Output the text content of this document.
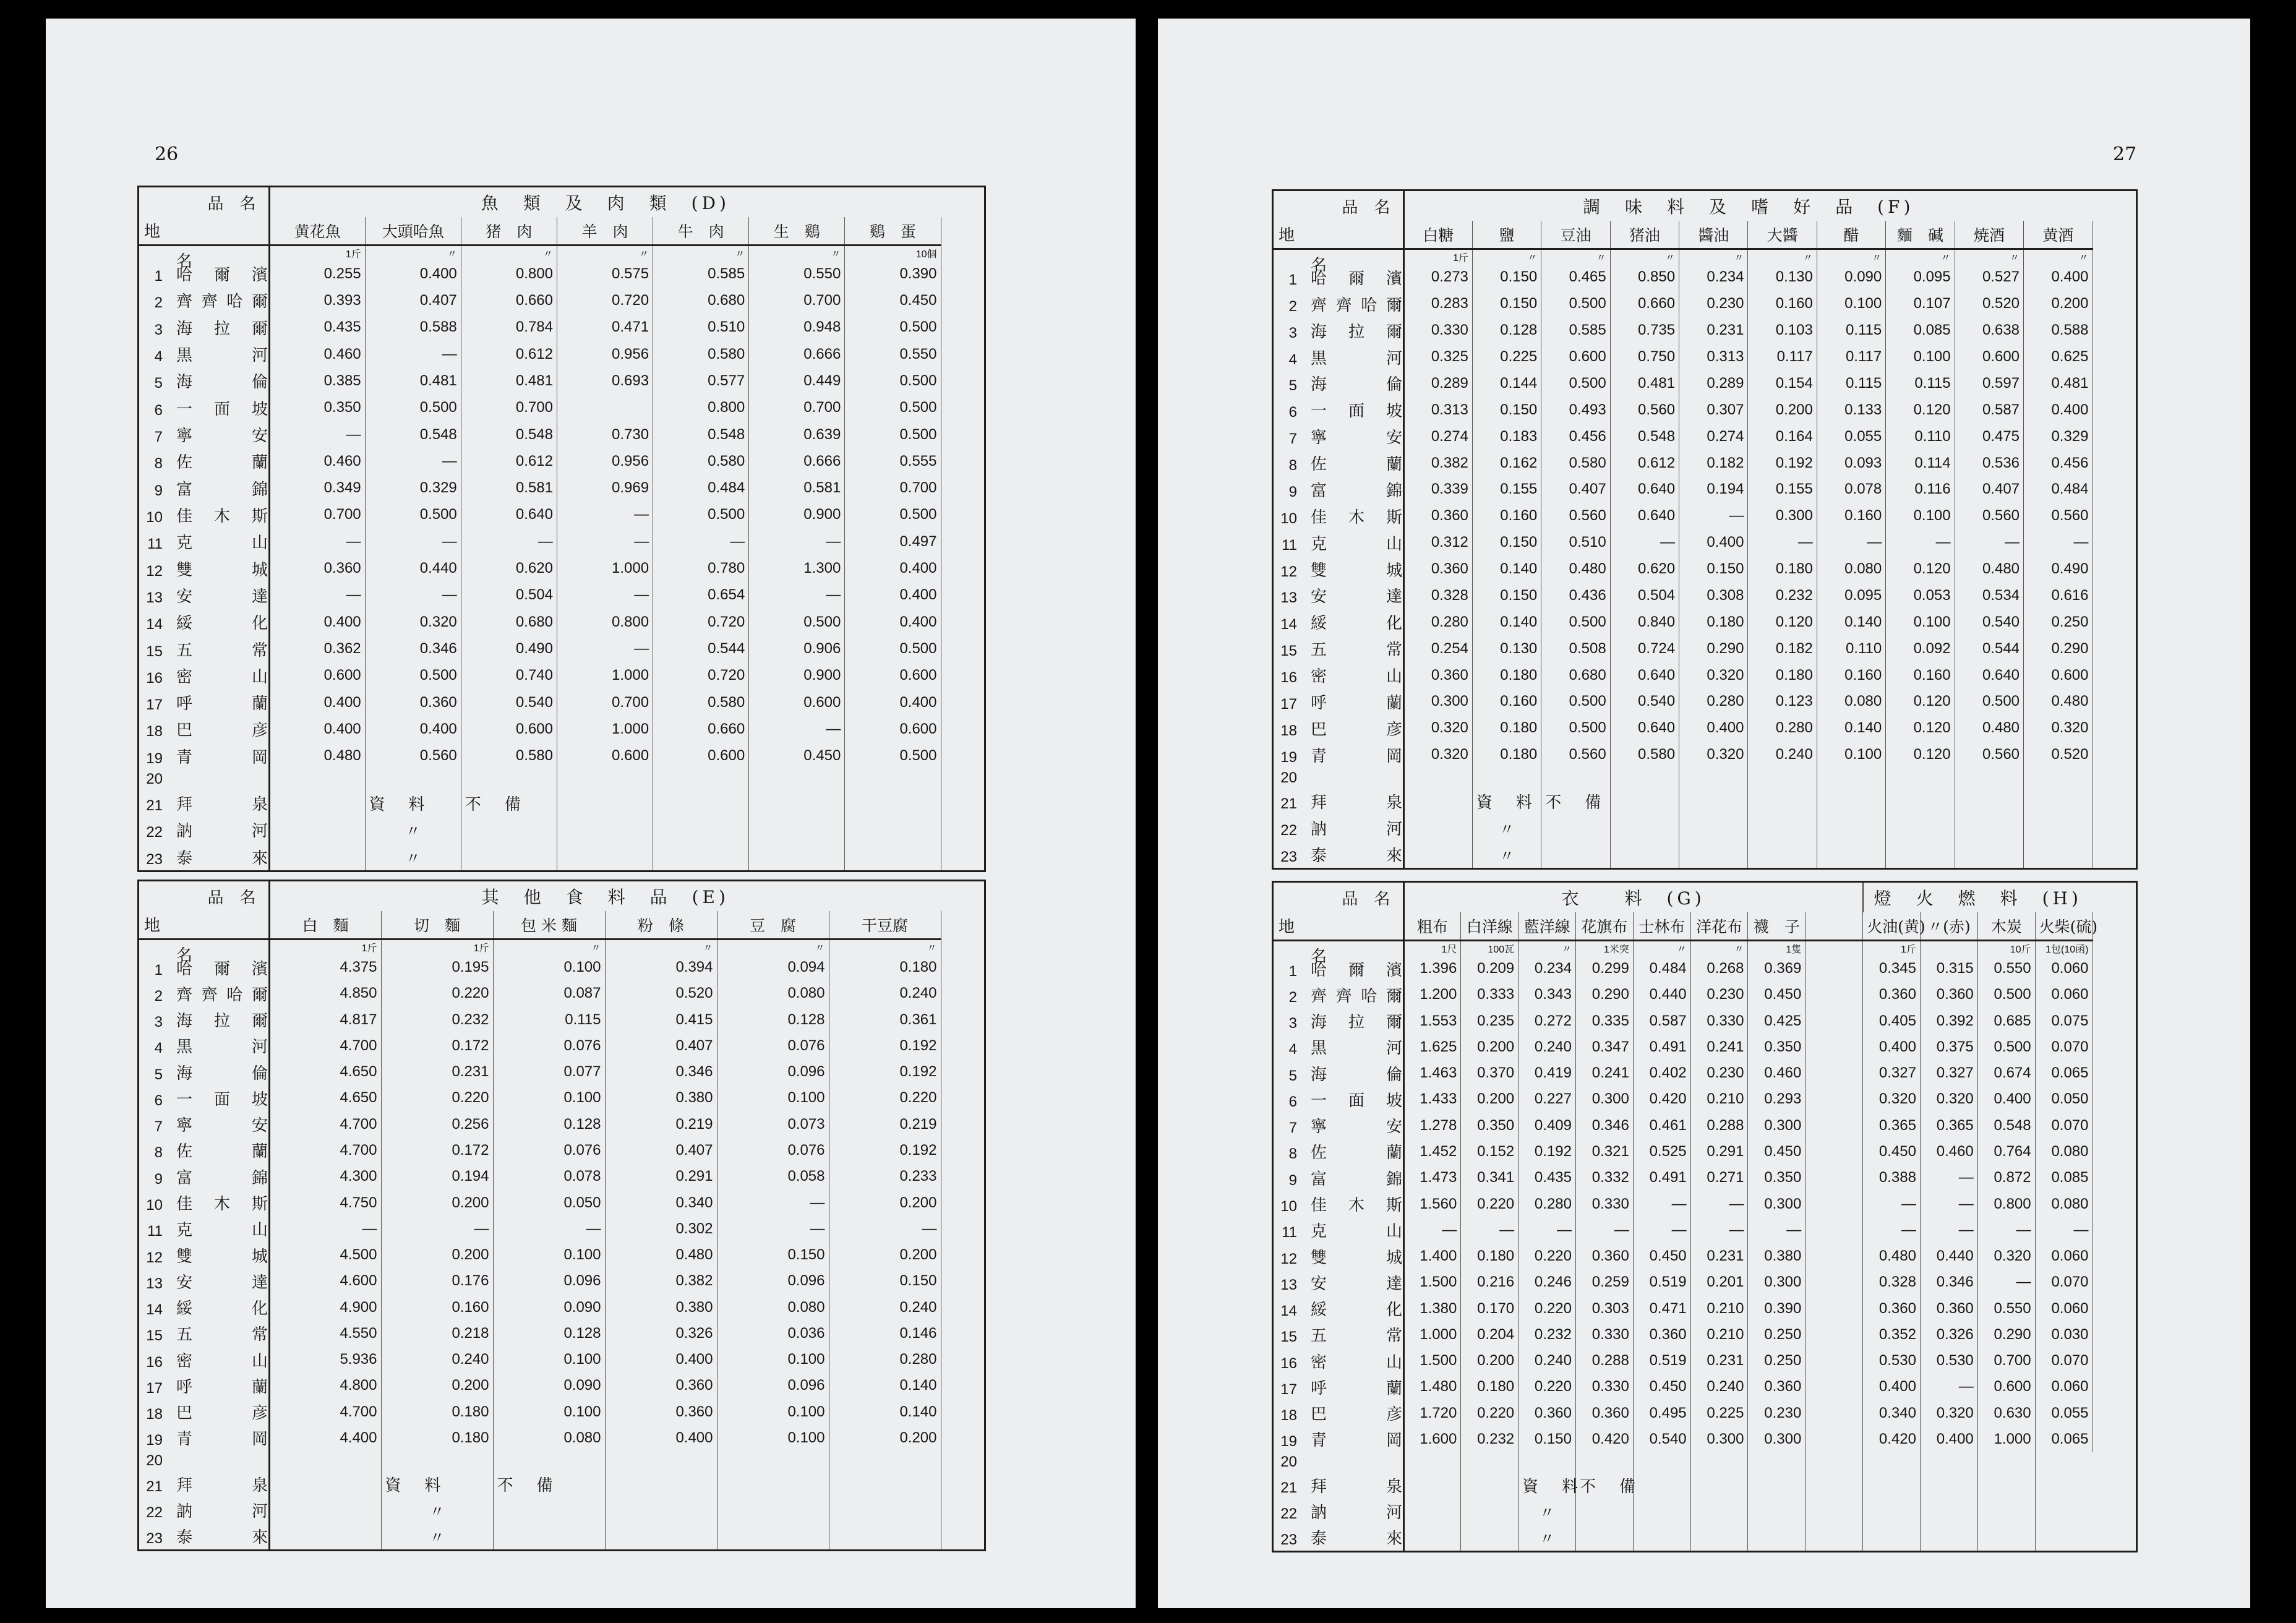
26
品　名
地
名	魚　類　及　肉　類　(D)							
	黄花魚	大頭哈魚	猪　肉	羊　肉	牛　肉	生　鷄	鷄　蛋	
	1斤	〃	〃	〃	〃	〃	10個	
1 哈爾濱	0.255	0.400	0.800	0.575	0.585	0.550	0.390	
2 齊齊哈爾	0.393	0.407	0.660	0.720	0.680	0.700	0.450	
3 海拉爾	0.435	0.588	0.784	0.471	0.510	0.948	0.500	
4 黒　河	0.460	—	0.612	0.956	0.580	0.666	0.550	
5 海　倫	0.385	0.481	0.481	0.693	0.577	0.449	0.500	
6 一面坡	0.350	0.500	0.700		0.800	0.700	0.500	
7 寧　安	—	0.548	0.548	0.730	0.548	0.639	0.500	
8 佐　蘭	0.460	—	0.612	0.956	0.580	0.666	0.555	
9 富　錦	0.349	0.329	0.581	0.969	0.484	0.581	0.700	
10 佳木斯	0.700	0.500	0.640	—	0.500	0.900	0.500	
11 克　山	—	—	—	—	—	—	0.497	
12 雙　城	0.360	0.440	0.620	1.000	0.780	1.300	0.400	
13 安　達	—	—	0.504	—	0.654	—	0.400	
14 綏　化	0.400	0.320	0.680	0.800	0.720	0.500	0.400	
15 五　常	0.362	0.346	0.490	—	0.544	0.906	0.500	
16 密　山	0.600	0.500	0.740	1.000	0.720	0.900	0.600	
17 呼　蘭	0.400	0.360	0.540	0.700	0.580	0.600	0.400	
18 巴　彦	0.400	0.400	0.600	1.000	0.660	—	0.600	
19 青　岡	0.480	0.560	0.580	0.600	0.600	0.450	0.500	
20								
21 拜　泉		資　料	不　備					
22 訥　河		〃						
23 泰　來		〃						
品　名
地
名	其　他　食　料　品　(E)						
	白　麵	切　麵	包 米 麵	粉　條	豆　腐	干豆腐	
	1斤	1斤	〃	〃	〃	〃	
1 哈爾濱	4.375	0.195	0.100	0.394	0.094	0.180	
2 齊齊哈爾	4.850	0.220	0.087	0.520	0.080	0.240	
3 海拉爾	4.817	0.232	0.115	0.415	0.128	0.361	
4 黒　河	4.700	0.172	0.076	0.407	0.076	0.192	
5 海　倫	4.650	0.231	0.077	0.346	0.096	0.192	
6 一面坡	4.650	0.220	0.100	0.380	0.100	0.220	
7 寧　安	4.700	0.256	0.128	0.219	0.073	0.219	
8 佐　蘭	4.700	0.172	0.076	0.407	0.076	0.192	
9 富　錦	4.300	0.194	0.078	0.291	0.058	0.233	
10 佳木斯	4.750	0.200	0.050	0.340	—	0.200	
11 克　山	—	—	—	0.302	—	—	
12 雙　城	4.500	0.200	0.100	0.480	0.150	0.200	
13 安　達	4.600	0.176	0.096	0.382	0.096	0.150	
14 綏　化	4.900	0.160	0.090	0.380	0.080	0.240	
15 五　常	4.550	0.218	0.128	0.326	0.036	0.146	
16 密　山	5.936	0.240	0.100	0.400	0.100	0.280	
17 呼　蘭	4.800	0.200	0.090	0.360	0.096	0.140	
18 巴　彦	4.700	0.180	0.100	0.360	0.100	0.140	
19 青　岡	4.400	0.180	0.080	0.400	0.100	0.200	
20							
21 拜　泉		資　料	不　備				
22 訥　河		〃					
23 泰　來		〃					
27
品　名
地
名	調　味　料　及　嗜　好　品　(F)										
	白糖	鹽	豆油	猪油	醬油	大醬	醋	麵　碱	焼酒	黄酒	
	1斤	〃	〃	〃	〃	〃	〃	〃	〃	〃	
1 哈爾濱	0.273	0.150	0.465	0.850	0.234	0.130	0.090	0.095	0.527	0.400	
2 齊齊哈爾	0.283	0.150	0.500	0.660	0.230	0.160	0.100	0.107	0.520	0.200	
3 海拉爾	0.330	0.128	0.585	0.735	0.231	0.103	0.115	0.085	0.638	0.588	
4 黒　河	0.325	0.225	0.600	0.750	0.313	0.117	0.117	0.100	0.600	0.625	
5 海　倫	0.289	0.144	0.500	0.481	0.289	0.154	0.115	0.115	0.597	0.481	
6 一面坡	0.313	0.150	0.493	0.560	0.307	0.200	0.133	0.120	0.587	0.400	
7 寧　安	0.274	0.183	0.456	0.548	0.274	0.164	0.055	0.110	0.475	0.329	
8 佐　蘭	0.382	0.162	0.580	0.612	0.182	0.192	0.093	0.114	0.536	0.456	
9 富　錦	0.339	0.155	0.407	0.640	0.194	0.155	0.078	0.116	0.407	0.484	
10 佳木斯	0.360	0.160	0.560	0.640	—	0.300	0.160	0.100	0.560	0.560	
11 克　山	0.312	0.150	0.510	—	0.400	—	—	—	—	—	
12 雙　城	0.360	0.140	0.480	0.620	0.150	0.180	0.080	0.120	0.480	0.490	
13 安　達	0.328	0.150	0.436	0.504	0.308	0.232	0.095	0.053	0.534	0.616	
14 綏　化	0.280	0.140	0.500	0.840	0.180	0.120	0.140	0.100	0.540	0.250	
15 五　常	0.254	0.130	0.508	0.724	0.290	0.182	0.110	0.092	0.544	0.290	
16 密　山	0.360	0.180	0.680	0.640	0.320	0.180	0.160	0.160	0.640	0.600	
17 呼　蘭	0.300	0.160	0.500	0.540	0.280	0.123	0.080	0.120	0.500	0.480	
18 巴　彦	0.320	0.180	0.500	0.640	0.400	0.280	0.140	0.120	0.480	0.320	
19 青　岡	0.320	0.180	0.560	0.580	0.320	0.240	0.100	0.120	0.560	0.520	
20											
21 拜　泉		資　料	不　備								
22 訥　河		〃									
23 泰　來		〃									
品　名
地
名	衣　　料　(G)								燈　火　燃　料　(H)				
	粗布	白洋線	藍洋線	花旗布	士林布	洋花布	襪　子		火油(黄)	〃(赤)	木炭	火柴(硫)	
	1尺	100瓦	〃	1米突	〃	〃	1隻		1斤		10斤	1包(10函)	
1 哈爾濱	1.396	0.209	0.234	0.299	0.484	0.268	0.369		0.345	0.315	0.550	0.060	
2 齊齊哈爾	1.200	0.333	0.343	0.290	0.440	0.230	0.450		0.360	0.360	0.500	0.060	
3 海拉爾	1.553	0.235	0.272	0.335	0.587	0.330	0.425		0.405	0.392	0.685	0.075	
4 黒　河	1.625	0.200	0.240	0.347	0.491	0.241	0.350		0.400	0.375	0.500	0.070	
5 海　倫	1.463	0.370	0.419	0.241	0.402	0.230	0.460		0.327	0.327	0.674	0.065	
6 一面坡	1.433	0.200	0.227	0.300	0.420	0.210	0.293		0.320	0.320	0.400	0.050	
7 寧　安	1.278	0.350	0.409	0.346	0.461	0.288	0.300		0.365	0.365	0.548	0.070	
8 佐　蘭	1.452	0.152	0.192	0.321	0.525	0.291	0.450		0.450	0.460	0.764	0.080	
9 富　錦	1.473	0.341	0.435	0.332	0.491	0.271	0.350		0.388	—	0.872	0.085	
10 佳木斯	1.560	0.220	0.280	0.330	—	—	0.300		—	—	0.800	0.080	
11 克　山	—	—	—	—	—	—	—		—	—	—	—	
12 雙　城	1.400	0.180	0.220	0.360	0.450	0.231	0.380		0.480	0.440	0.320	0.060	
13 安　達	1.500	0.216	0.246	0.259	0.519	0.201	0.300		0.328	0.346	—	0.070	
14 綏　化	1.380	0.170	0.220	0.303	0.471	0.210	0.390		0.360	0.360	0.550	0.060	
15 五　常	1.000	0.204	0.232	0.330	0.360	0.210	0.250		0.352	0.326	0.290	0.030	
16 密　山	1.500	0.200	0.240	0.288	0.519	0.231	0.250		0.530	0.530	0.700	0.070	
17 呼　蘭	1.480	0.180	0.220	0.330	0.450	0.240	0.360		0.400	—	0.600	0.060	
18 巴　彦	1.720	0.220	0.360	0.360	0.495	0.225	0.230		0.340	0.320	0.630	0.055	
19 青　岡	1.600	0.232	0.150	0.420	0.540	0.300	0.300		0.420	0.400	1.000	0.065	
20													
21 拜　泉			資　料	不　備									
22 訥　河			〃										
23 泰　來			〃										
